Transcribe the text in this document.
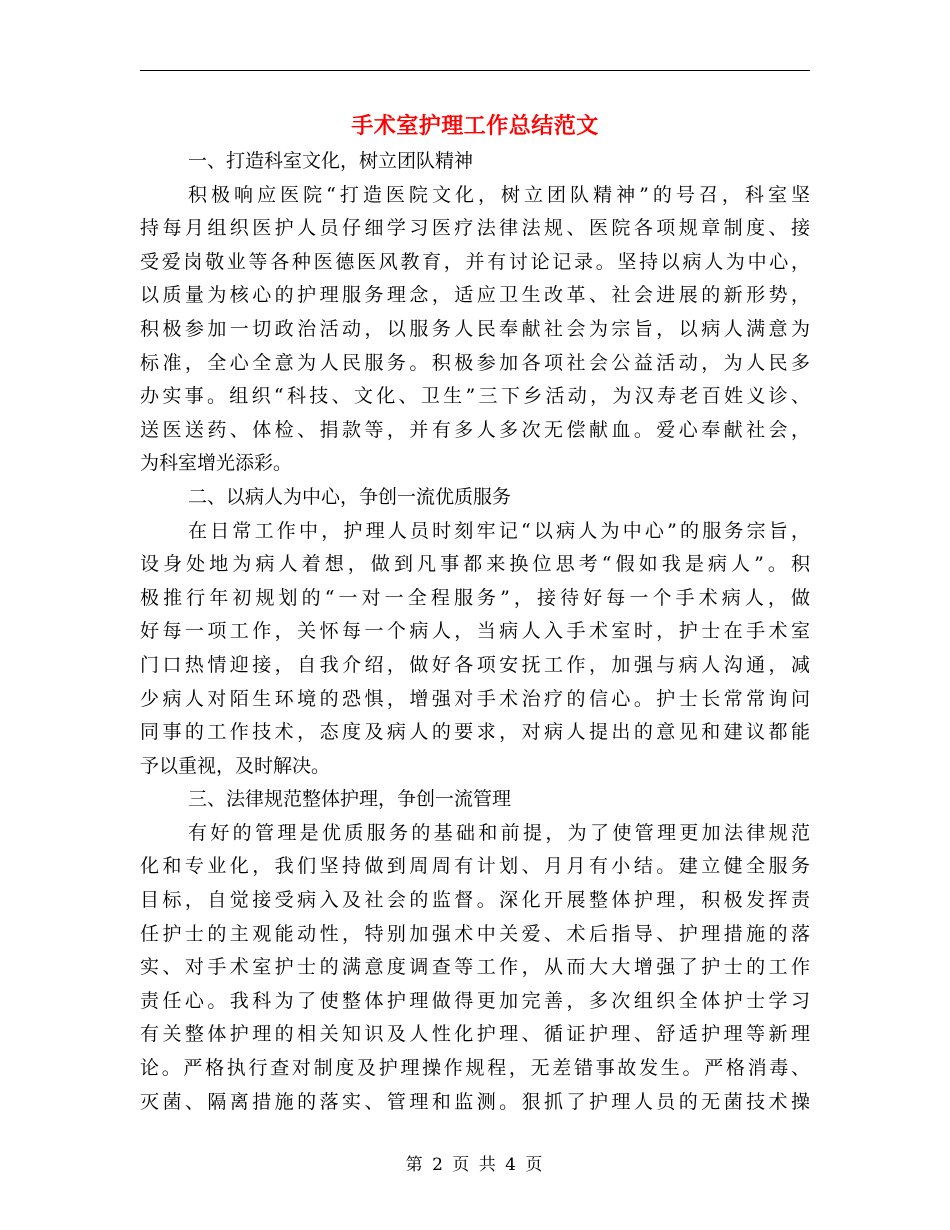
手术室护理工作总结范文
一、打造科室文化，树立团队精神
积极响应医院“打造医院文化，树立团队精神”的号召，科室坚
持每月组织医护人员仔细学习医疗法律法规、医院各项规章制度、接
受爱岗敬业等各种医德医风教育，并有讨论记录。坚持以病人为中心，
以质量为核心的护理服务理念，适应卫生改革、社会进展的新形势，
积极参加一切政治活动，以服务人民奉献社会为宗旨，以病人满意为
标准，全心全意为人民服务。积极参加各项社会公益活动，为人民多
办实事。组织“科技、文化、卫生”三下乡活动，为汉寿老百姓义诊、
送医送药、体检、捐款等，并有多人多次无偿献血。爱心奉献社会，
为科室增光添彩。
二、以病人为中心，争创一流优质服务
在日常工作中，护理人员时刻牢记“以病人为中心”的服务宗旨，
设身处地为病人着想，做到凡事都来换位思考“假如我是病人”。积
极推行年初规划的“一对一全程服务”，接待好每一个手术病人，做
好每一项工作，关怀每一个病人，当病人入手术室时，护士在手术室
门口热情迎接，自我介绍，做好各项安抚工作，加强与病人沟通，减
少病人对陌生环境的恐惧，增强对手术治疗的信心。护士长常常询问
同事的工作技术，态度及病人的要求，对病人提出的意见和建议都能
予以重视，及时解决。
三、法律规范整体护理，争创一流管理
有好的管理是优质服务的基础和前提，为了使管理更加法律规范
化和专业化，我们坚持做到周周有计划、月月有小结。建立健全服务
目标，自觉接受病入及社会的监督。深化开展整体护理，积极发挥责
任护士的主观能动性，特别加强术中关爱、术后指导、护理措施的落
实、对手术室护士的满意度调查等工作，从而大大增强了护士的工作
责任心。我科为了使整体护理做得更加完善，多次组织全体护士学习
有关整体护理的相关知识及人性化护理、循证护理、舒适护理等新理
论。严格执行查对制度及护理操作规程，无差错事故发生。严格消毒、
灭菌、隔离措施的落实、管理和监测。狠抓了护理人员的无菌技术操
第 2 页 共 4 页
